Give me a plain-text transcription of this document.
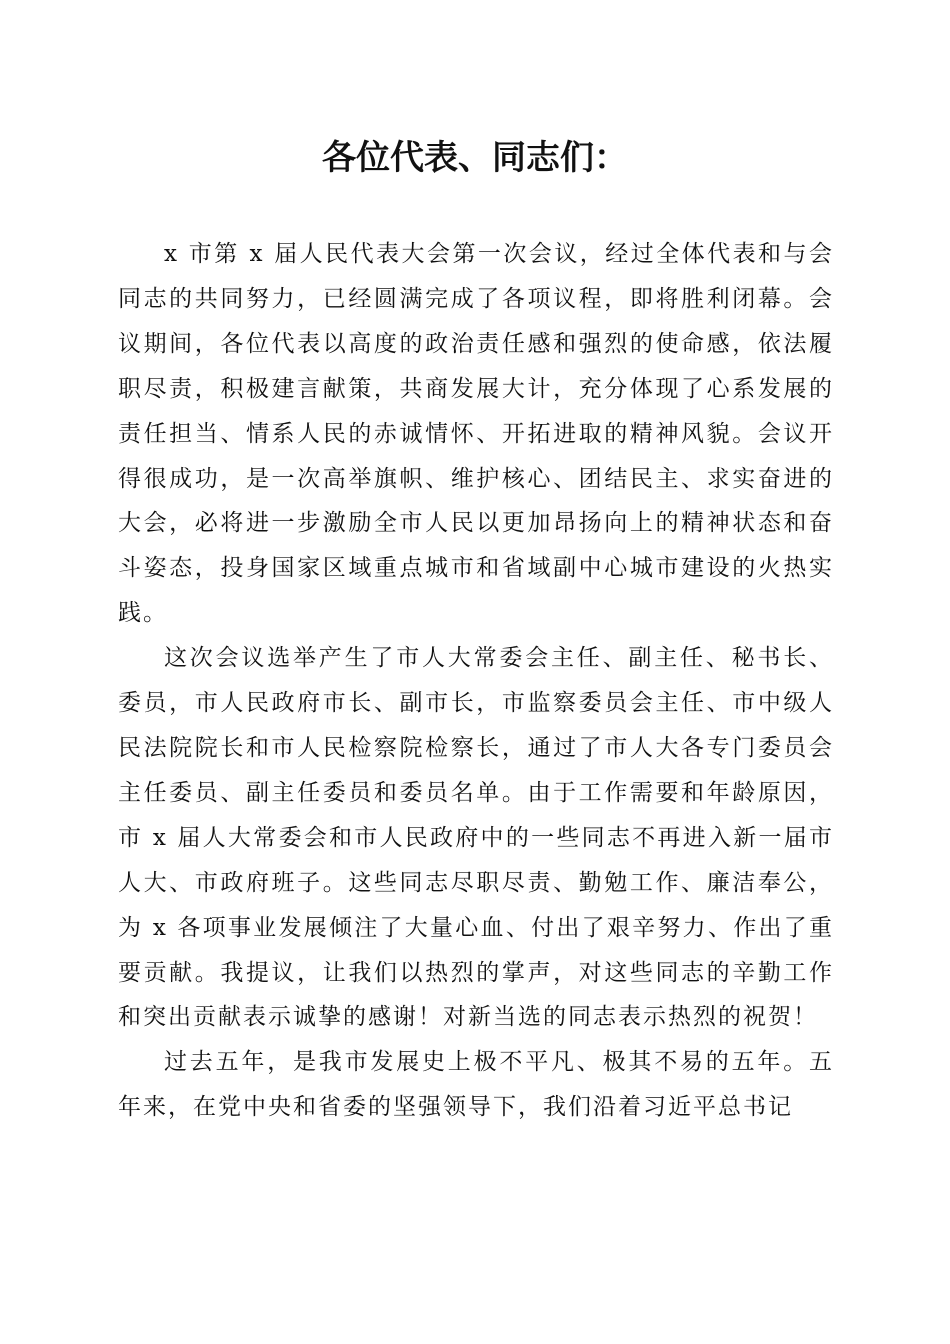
各位代表、同志们：

x 市第 x 届人民代表大会第一次会议，经过全体代表和与会同志的共同努力，已经圆满完成了各项议程，即将胜利闭幕。会议期间，各位代表以高度的政治责任感和强烈的使命感，依法履职尽责，积极建言献策，共商发展大计，充分体现了心系发展的责任担当、情系人民的赤诚情怀、开拓进取的精神风貌。会议开得很成功，是一次高举旗帜、维护核心、团结民主、求实奋进的大会，必将进一步激励全市人民以更加昂扬向上的精神状态和奋斗姿态，投身国家区域重点城市和省域副中心城市建设的火热实践。

这次会议选举产生了市人大常委会主任、副主任、秘书长、委员，市人民政府市长、副市长，市监察委员会主任、市中级人民法院院长和市人民检察院检察长，通过了市人大各专门委员会主任委员、副主任委员和委员名单。由于工作需要和年龄原因，市 x 届人大常委会和市人民政府中的一些同志不再进入新一届市人大、市政府班子。这些同志尽职尽责、勤勉工作、廉洁奉公，为 x 各项事业发展倾注了大量心血、付出了艰辛努力、作出了重要贡献。我提议，让我们以热烈的掌声，对这些同志的辛勤工作和突出贡献表示诚挚的感谢！对新当选的同志表示热烈的祝贺！

过去五年，是我市发展史上极不平凡、极其不易的五年。五年来，在党中央和省委的坚强领导下，我们沿着习近平总书记
